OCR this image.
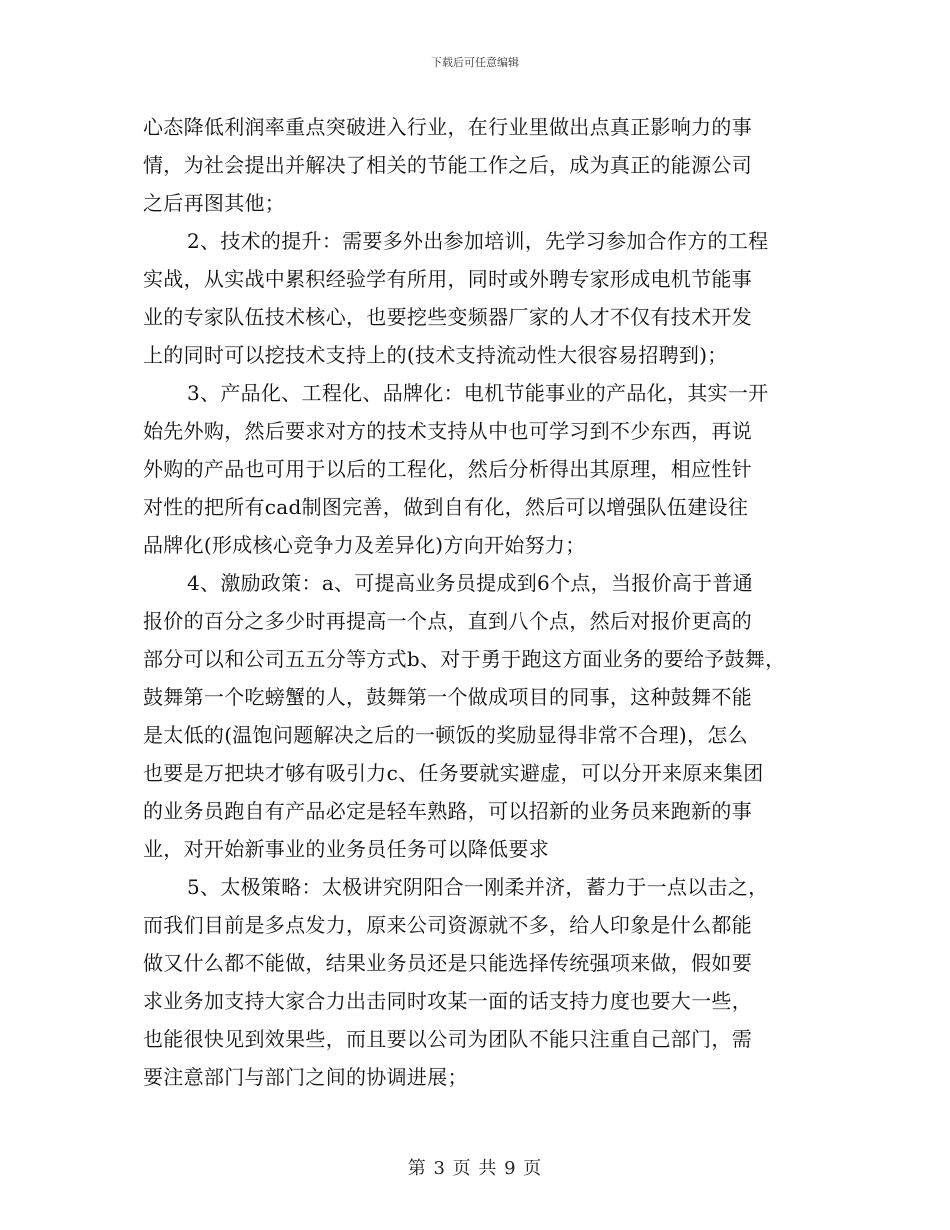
下载后可任意编辑
心态降低利润率重点突破进入行业，在行业里做出点真正影响力的事
情，为社会提出并解决了相关的节能工作之后，成为真正的能源公司
之后再图其他；
2、技术的提升：需要多外出参加培训，先学习参加合作方的工程
实战，从实战中累积经验学有所用，同时或外聘专家形成电机节能事
业的专家队伍技术核心，也要挖些变频器厂家的人才不仅有技术开发
上的同时可以挖技术支持上的(技术支持流动性大很容易招聘到)；
3、产品化、工程化、品牌化：电机节能事业的产品化，其实一开
始先外购，然后要求对方的技术支持从中也可学习到不少东西，再说
外购的产品也可用于以后的工程化，然后分析得出其原理，相应性针
对性的把所有cad制图完善，做到自有化，然后可以增强队伍建设往
品牌化(形成核心竞争力及差异化)方向开始努力；
4、激励政策：a、可提高业务员提成到6个点，当报价高于普通
报价的百分之多少时再提高一个点，直到八个点，然后对报价更高的
部分可以和公司五五分等方式b、对于勇于跑这方面业务的要给予鼓舞，
鼓舞第一个吃螃蟹的人，鼓舞第一个做成项目的同事，这种鼓舞不能
是太低的(温饱问题解决之后的一顿饭的奖励显得非常不合理)，怎么
也要是万把块才够有吸引力c、任务要就实避虚，可以分开来原来集团
的业务员跑自有产品必定是轻车熟路，可以招新的业务员来跑新的事
业，对开始新事业的业务员任务可以降低要求
5、太极策略：太极讲究阴阳合一刚柔并济，蓄力于一点以击之，
而我们目前是多点发力，原来公司资源就不多，给人印象是什么都能
做又什么都不能做，结果业务员还是只能选择传统强项来做，假如要
求业务加支持大家合力出击同时攻某一面的话支持力度也要大一些，
也能很快见到效果些，而且要以公司为团队不能只注重自己部门，需
要注意部门与部门之间的协调进展；
第 3 页 共 9 页
